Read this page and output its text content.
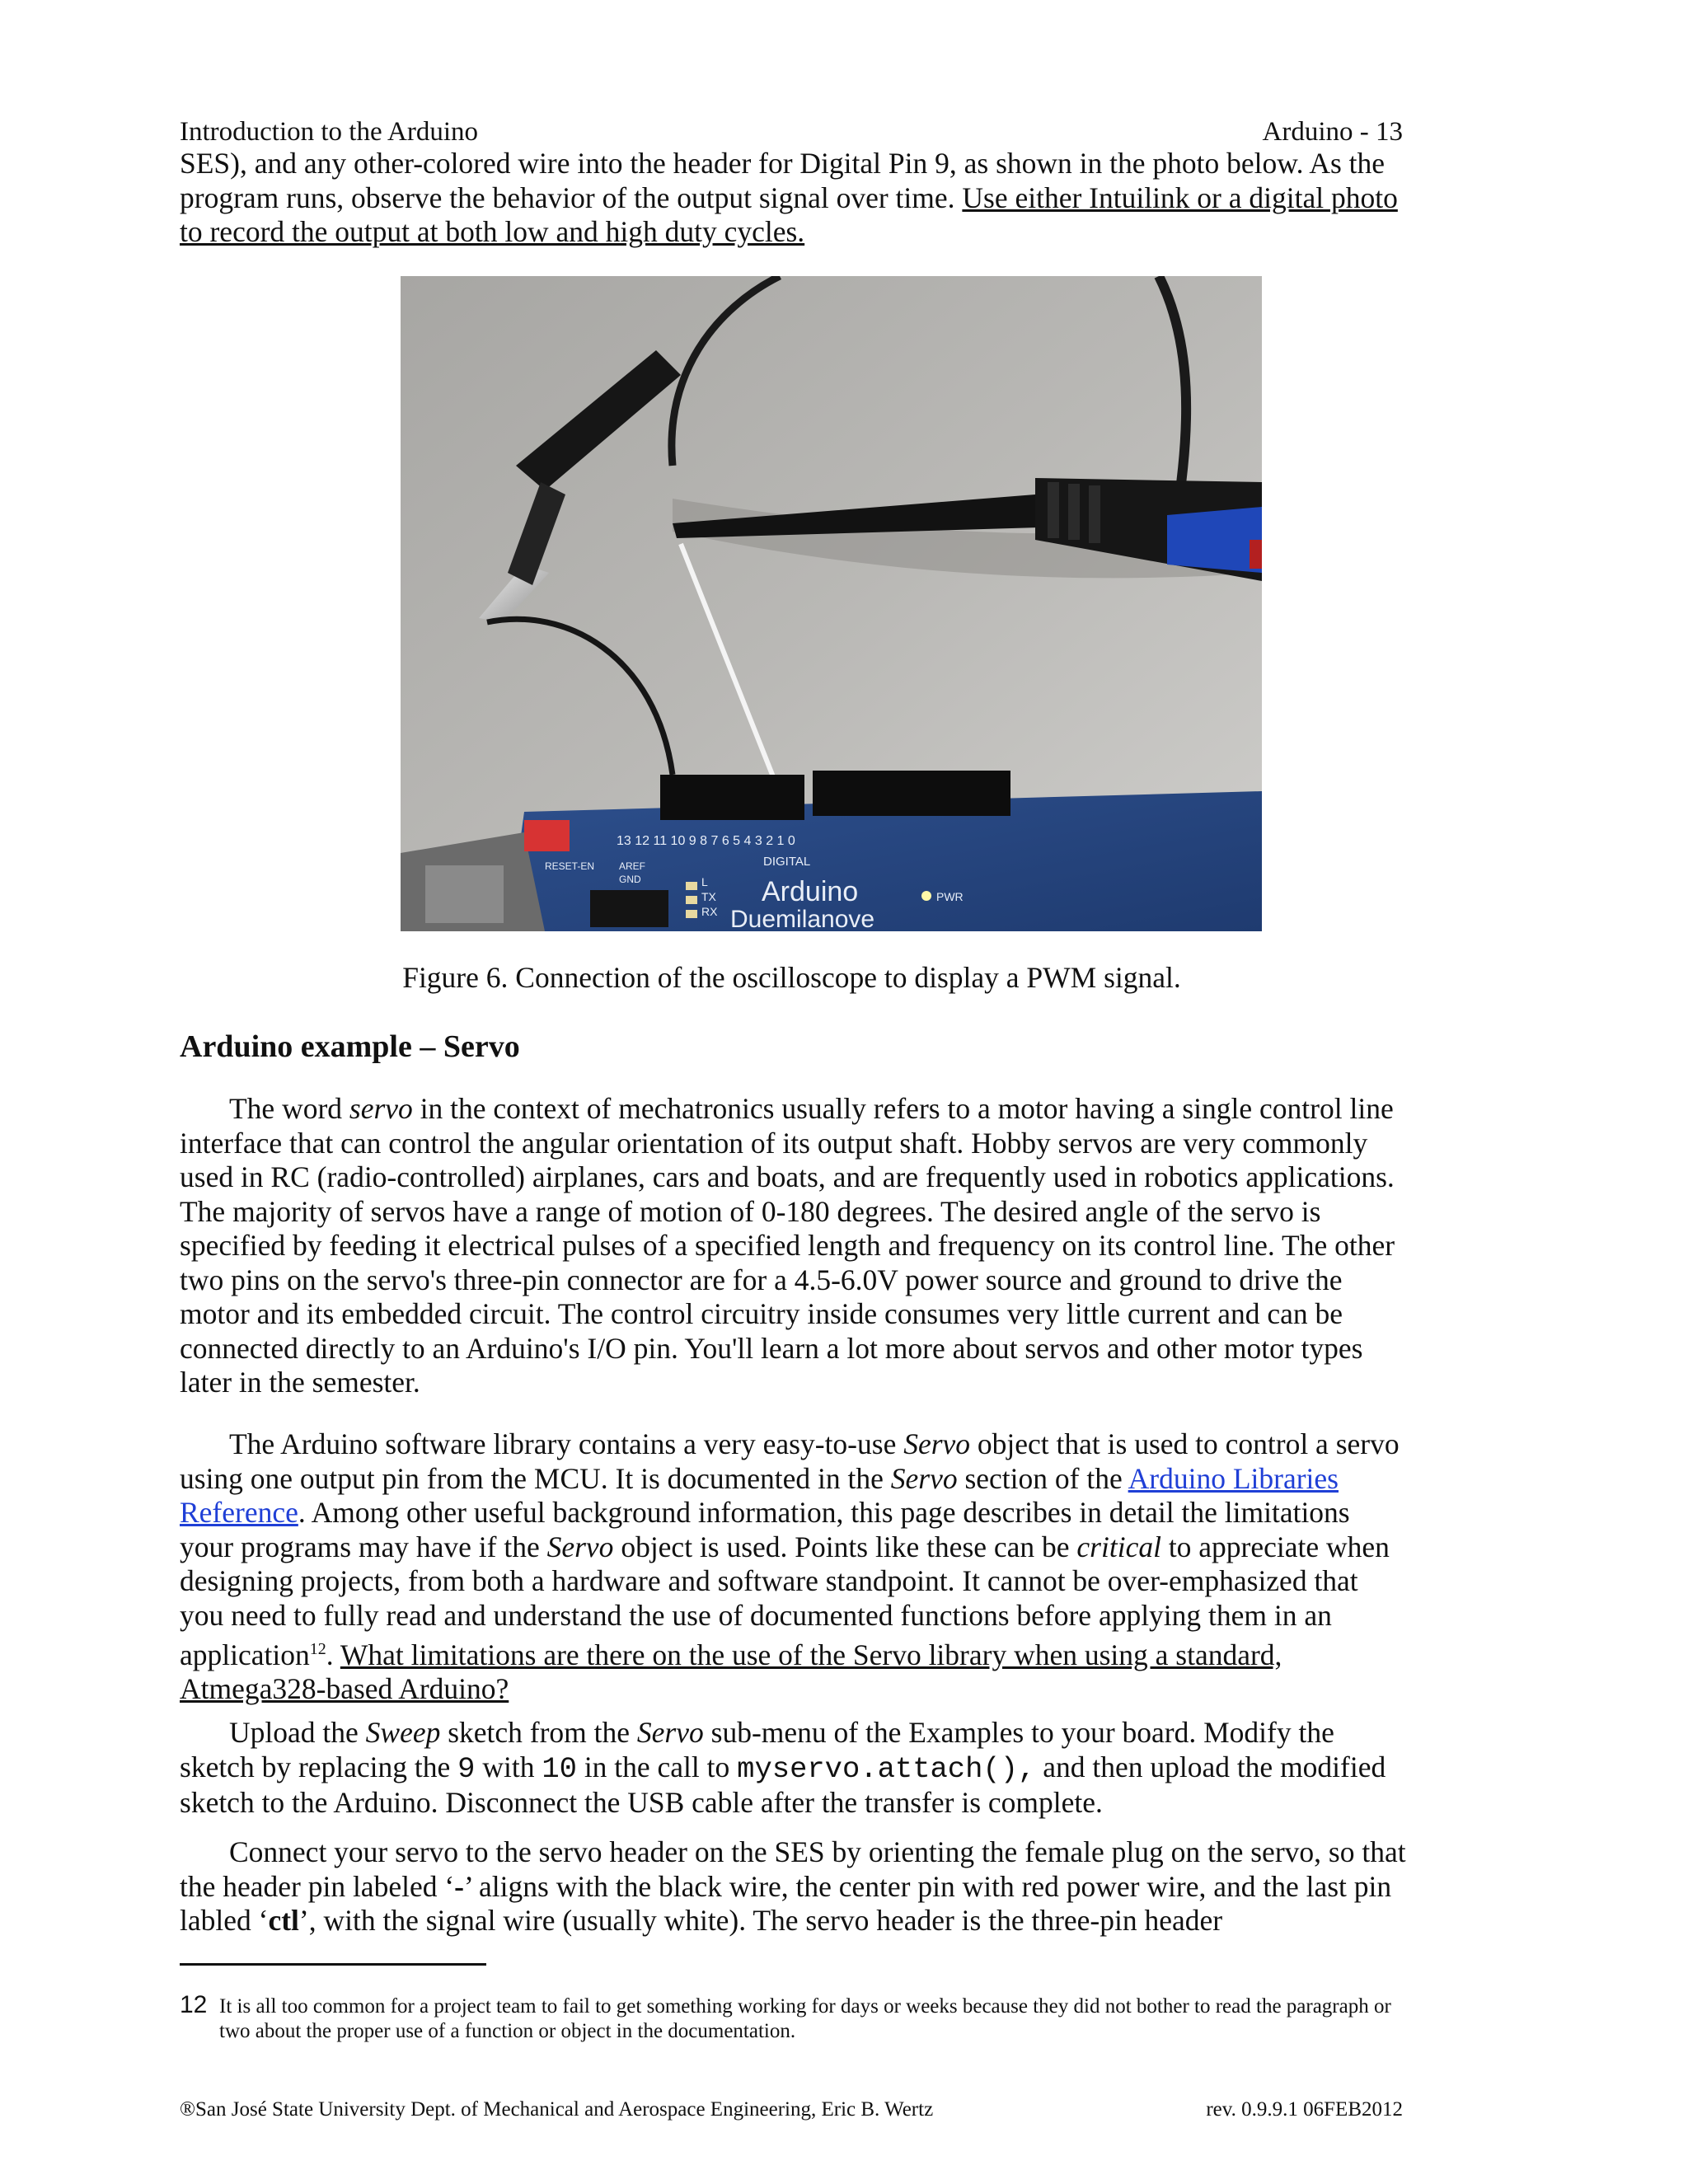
Introduction to the Arduino	Arduino - 13
SES), and any other-colored wire into the header for Digital Pin 9, as shown in the photo below. As the program runs, observe the behavior of the output signal over time. Use either Intuilink or a digital photo to record the output at both low and high duty cycles.
13 12 11 10 9 8 7 6 5 4 3 2 1 0
DIGITAL
Arduino
Duemilanove
PWR
TX
RX
L
RESET-EN AREF
GND
Figure 6. Connection of the oscilloscope to display a PWM signal.
Arduino example – Servo
The word servo in the context of mechatronics usually refers to a motor having a single control line interface that can control the angular orientation of its output shaft. Hobby servos are very commonly used in RC (radio-controlled) airplanes, cars and boats, and are frequently used in robotics applications. The majority of servos have a range of motion of 0-180 degrees. The desired angle of the servo is specified by feeding it electrical pulses of a specified length and frequency on its control line. The other two pins on the servo's three-pin connector are for a 4.5-6.0V power source and ground to drive the motor and its embedded circuit. The control circuitry inside consumes very little current and can be connected directly to an Arduino's I/O pin. You'll learn a lot more about servos and other motor types later in the semester.
The Arduino software library contains a very easy-to-use Servo object that is used to control a servo using one output pin from the MCU. It is documented in the Servo section of the Arduino Libraries Reference. Among other useful background information, this page describes in detail the limitations your programs may have if the Servo object is used. Points like these can be critical to appreciate when designing projects, from both a hardware and software standpoint. It cannot be over-emphasized that you need to fully read and understand the use of documented functions before applying them in an application$^{12}$. What limitations are there on the use of the Servo library when using a standard, Atmega328-based Arduino?
Upload the Sweep sketch from the Servo sub-menu of the Examples to your board. Modify the sketch by replacing the 9 with 10 in the call to myservo.attach(), and then upload the modified sketch to the Arduino. Disconnect the USB cable after the transfer is complete.
Connect your servo to the servo header on the SES by orienting the female plug on the servo, so that the header pin labeled ‘-’ aligns with the black wire, the center pin with red power wire, and the last pin labled ‘ctl’, with the signal wire (usually white). The servo header is the three-pin header
12 It is all too common for a project team to fail to get something working for days or weeks because they did not bother to read the paragraph or two about the proper use of a function or object in the documentation.
®San José State University Dept. of Mechanical and Aerospace Engineering, Eric B. Wertz	rev. 0.9.9.1 06FEB2012
